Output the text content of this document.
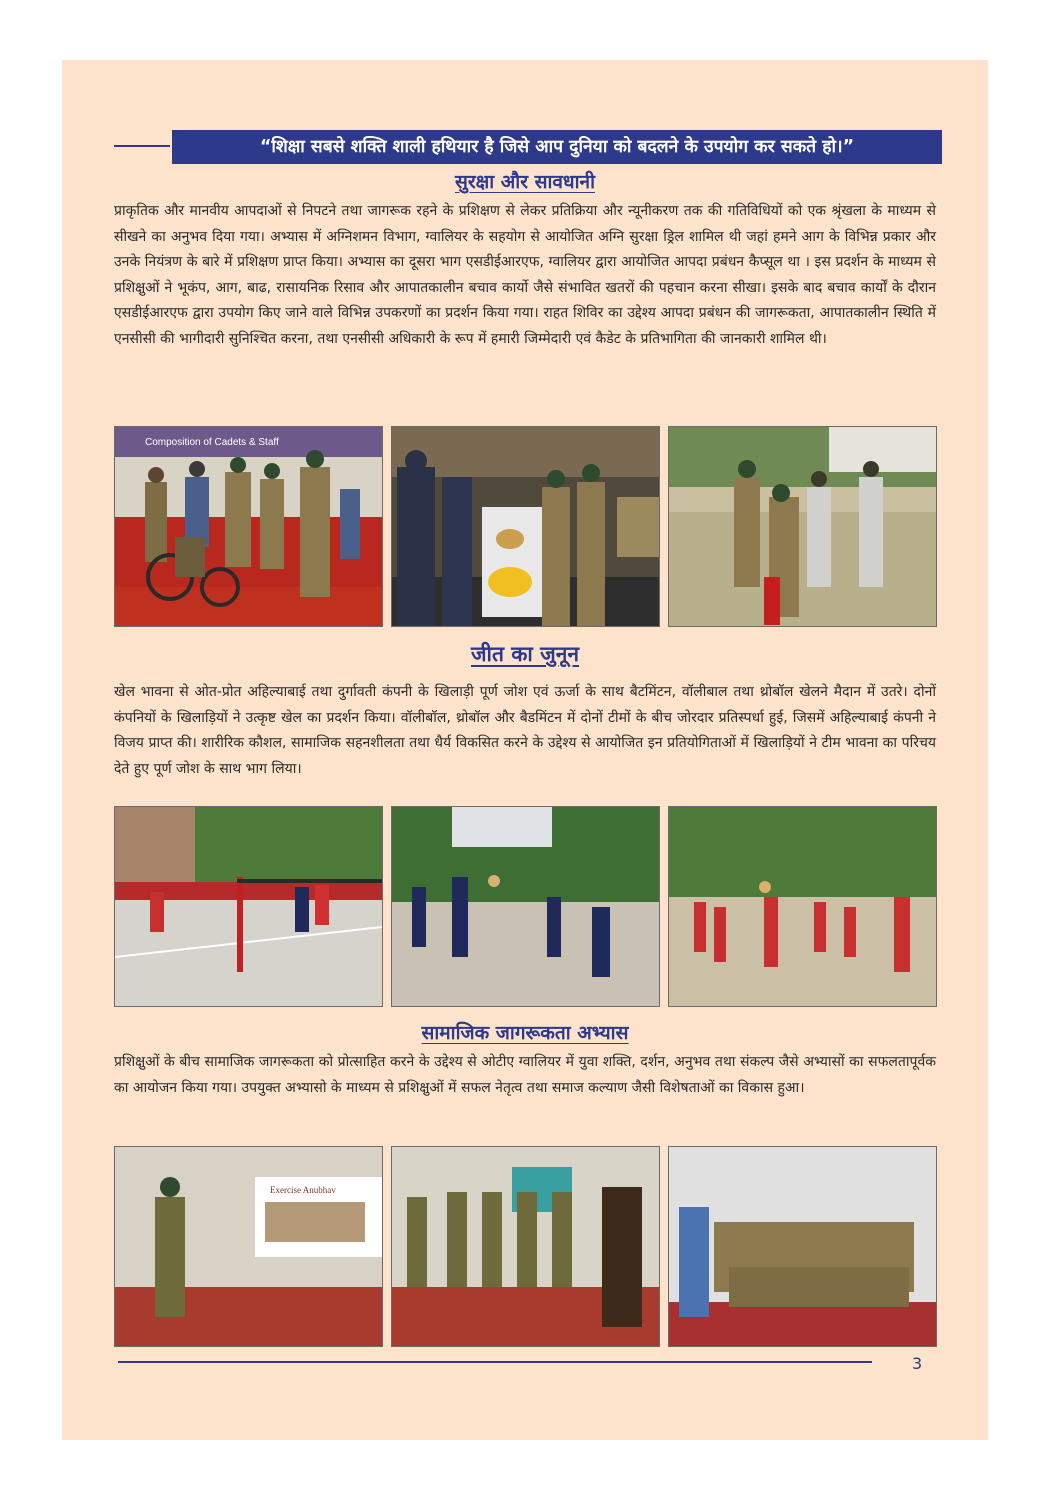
“शिक्षा सबसे शक्ति शाली हथियार है जिसे आप दुनिया को बदलने के उपयोग कर सकते हो।”
सुरक्षा और सावधानी

प्राकृतिक और मानवीय आपदाओं से निपटने तथा जागरूक रहने के प्रशिक्षण से लेकर प्रतिक्रिया और न्यूनीकरण तक की गतिविधियों को एक श्रृंखला के माध्यम से सीखने का अनुभव दिया गया। अभ्यास में अग्निशमन विभाग, ग्वालियर के सहयोग से आयोजित अग्नि सुरक्षा ड्रिल शामिल थी जहां हमने आग के विभिन्न प्रकार और उनके नियंत्रण के बारे में प्रशिक्षण प्राप्त किया। अभ्यास का दूसरा भाग एसडीईआरएफ, ग्वालियर द्वारा आयोजित आपदा प्रबंधन कैप्सूल था । इस प्रदर्शन के माध्यम से प्रशिक्षुओं ने भूकंप, आग, बाढ, रासायनिक रिसाव और आपातकालीन बचाव कार्यो जैसे संभावित खतरों की पहचान करना सीखा। इसके बाद बचाव कार्यों के दौरान एसडीईआरएफ द्वारा उपयोग किए जाने वाले विभिन्न उपकरणों का प्रदर्शन किया गया। राहत शिविर का उद्देश्य आपदा प्रबंधन की जागरूकता, आपातकालीन स्थिति में एनसीसी की भागीदारी सुनिश्चित करना, तथा एनसीसी अधिकारी के रूप में हमारी जिम्मेदारी एवं कैडेट के प्रतिभागिता की जानकारी शामिल थी।

Composition of Cadets & Staff
जीत का जुनून

खेल भावना से ओत-प्रोत अहिल्याबाई तथा दुर्गावती कंपनी के खिलाड़ी पूर्ण जोश एवं ऊर्जा के साथ बैटमिंटन, वॉलीबाल तथा थ्रोबॉल खेलने मैदान में उतरे। दोनों कंपनियों के खिलाड़ियों ने उत्कृष्ट खेल का प्रदर्शन किया। वॉलीबॉल, थ्रोबॉल और बैडमिंटन में दोनों टीमों के बीच जोरदार प्रतिस्पर्धा हुई, जिसमें अहिल्याबाई कंपनी ने विजय प्राप्त की। शारीरिक कौशल, सामाजिक सहनशीलता तथा धैर्य विकसित करने के उद्देश्य से आयोजित इन प्रतियोगिताओं में खिलाड़ियों ने टीम भावना का परिचय देते हुए पूर्ण जोश के साथ भाग लिया।

सामाजिक जागरूकता अभ्यास

प्रशिक्षुओं के बीच सामाजिक जागरूकता को प्रोत्साहित करने के उद्देश्य से ओटीए ग्वालियर में युवा शक्ति, दर्शन, अनुभव तथा संकल्प जैसे अभ्यासों का सफलतापूर्वक का आयोजन किया गया। उपयुक्त अभ्यासो के माध्यम से प्रशिक्षुओं में सफल नेतृत्व तथा समाज कल्याण जैसी विशेषताओं का विकास हुआ।

Exercise Anubhav
3
